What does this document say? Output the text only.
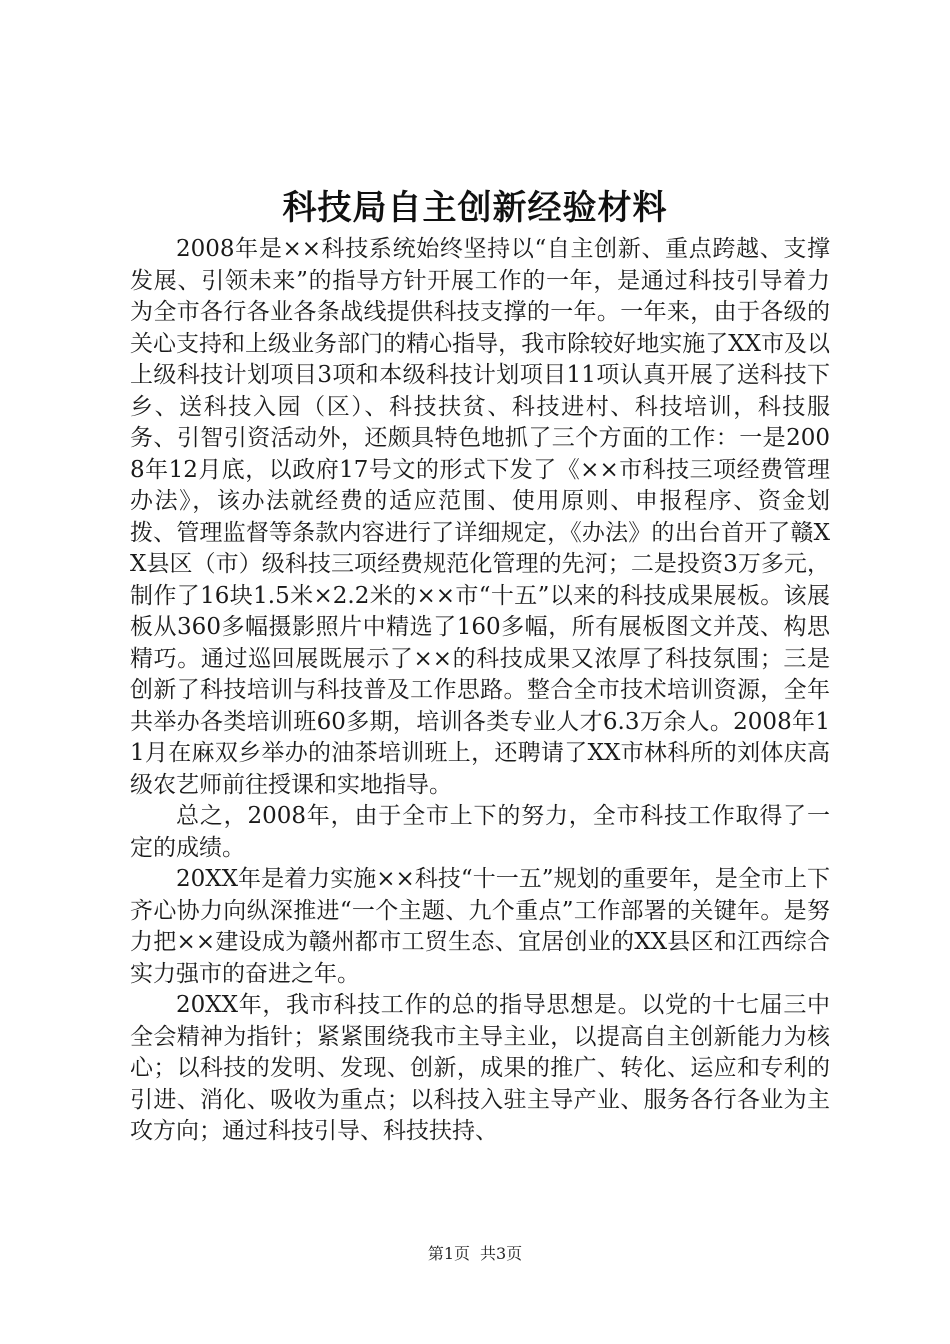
科技局自主创新经验材料

2008年是××科技系统始终坚持以“自主创新、重点跨越、支撑发展、引领未来”的指导方针开展工作的一年，是通过科技引导着力为全市各行各业各条战线提供科技支撑的一年。一年来，由于各级的关心支持和上级业务部门的精心指导，我市除较好地实施了XX市及以上级科技计划项目3项和本级科技计划项目11项认真开展了送科技下乡、送科技入园（区）、科技扶贫、科技进村、科技培训，科技服务、引智引资活动外，还颇具特色地抓了三个方面的工作：一是2008年12月底，以政府17号文的形式下发了《××市科技三项经费管理办法》，该办法就经费的适应范围、使用原则、申报程序、资金划拨、管理监督等条款内容进行了详细规定，《办法》的出台首开了赣XX县区（市）级科技三项经费规范化管理的先河；二是投资3万多元，制作了16块1.5米×2.2米的××市“十五”以来的科技成果展板。该展板从360多幅摄影照片中精选了160多幅，所有展板图文并茂、构思精巧。通过巡回展既展示了××的科技成果又浓厚了科技氛围；三是创新了科技培训与科技普及工作思路。整合全市技术培训资源，全年共举办各类培训班60多期，培训各类专业人才6.3万余人。2008年11月在麻双乡举办的油茶培训班上，还聘请了XX市林科所的刘体庆高级农艺师前往授课和实地指导。

总之，2008年，由于全市上下的努力，全市科技工作取得了一定的成绩。

20XX年是着力实施××科技“十一五”规划的重要年，是全市上下齐心协力向纵深推进“一个主题、九个重点”工作部署的关键年。是努力把××建设成为赣州都市工贸生态、宜居创业的XX县区和江西综合实力强市的奋进之年。

20XX年，我市科技工作的总的指导思想是。以党的十七届三中全会精神为指针；紧紧围绕我市主导主业，以提高自主创新能力为核心；以科技的发明、发现、创新，成果的推广、转化、运应和专利的引进、消化、吸收为重点；以科技入驻主导产业、服务各行各业为主攻方向；通过科技引导、科技扶持、

第1页 共3页
